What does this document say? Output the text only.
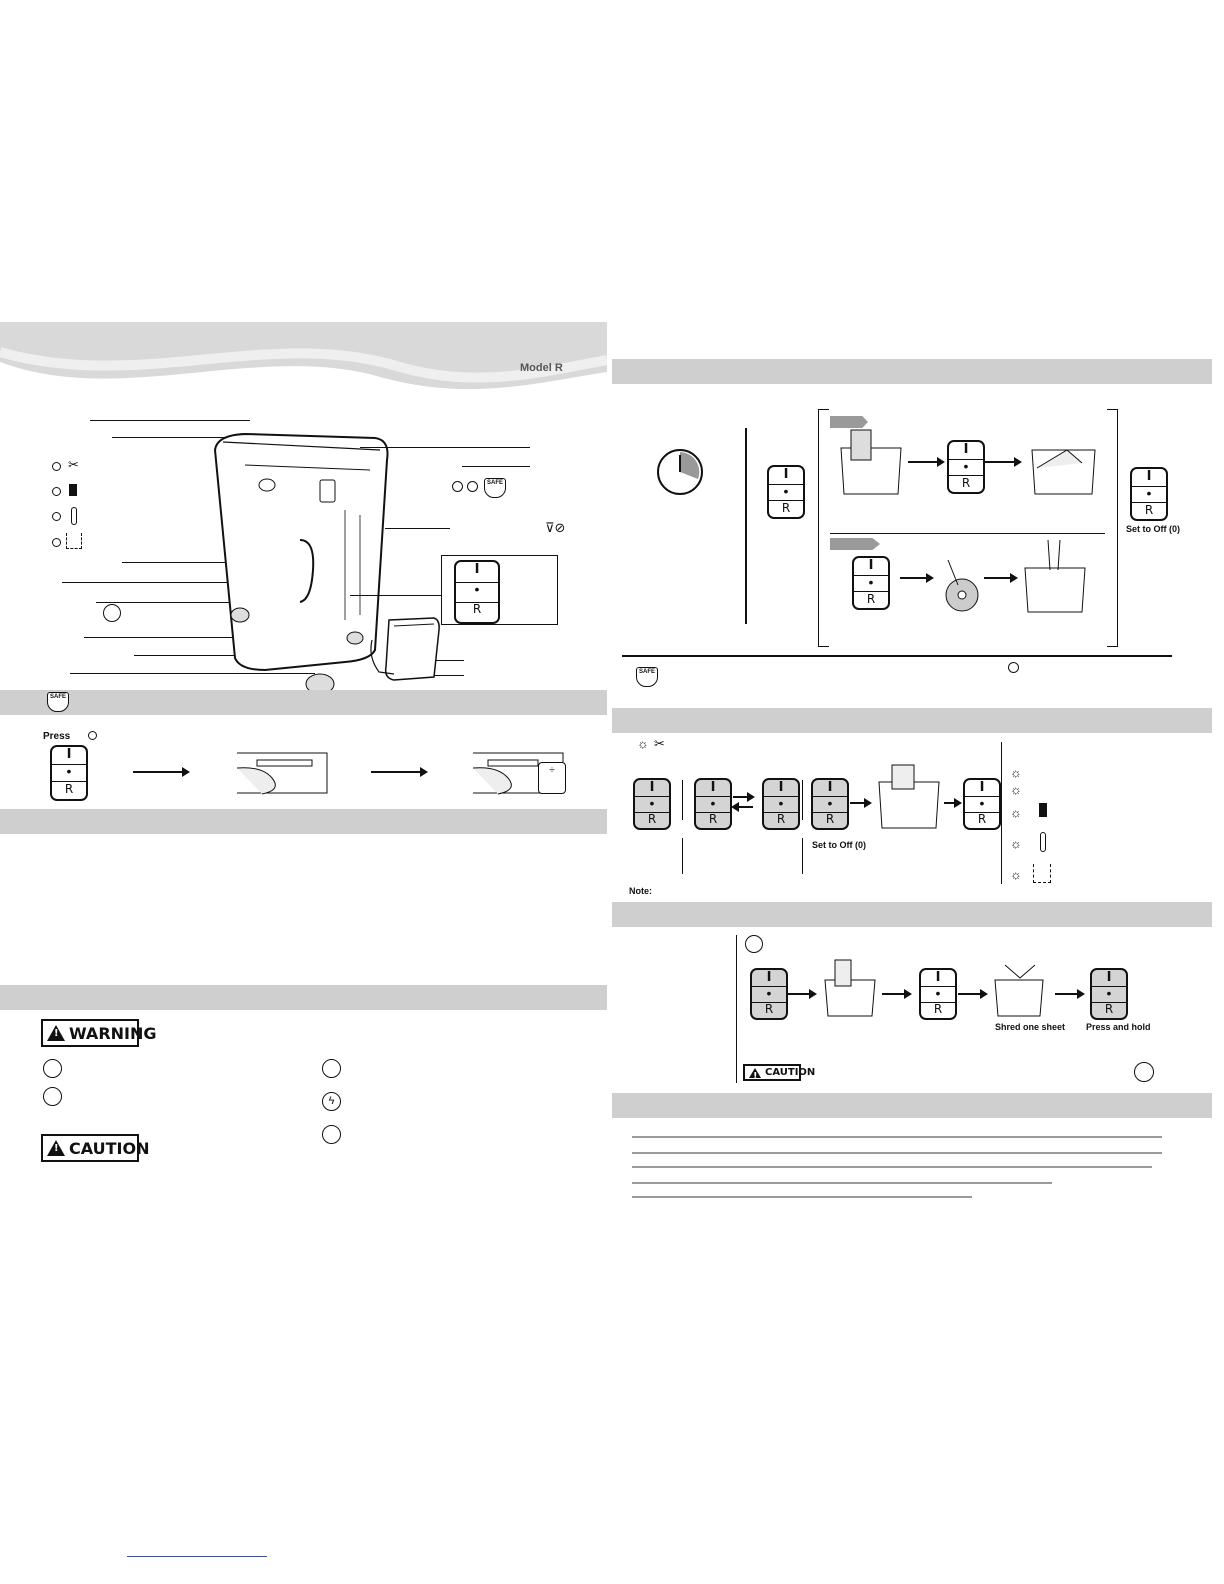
Model R
✂
SAFE
⊽⊘
I
•
R
SAFE
Press
I
•
R
÷
!
WARNING
ϟ
!
CAUTION
I
•
R
I
•
R
I
•
R
I
•
R
Set to Off (0)
SAFE
☼ ✂
I
•
R
I
•
R
I
•
R
I
•
R
I
•
R
Set to Off (0)
Note:
☼
☼
☼
☼
☼
I
•
R
I
•
R
Shred one sheet
I
•
R
Press and hold
!
CAUTION
